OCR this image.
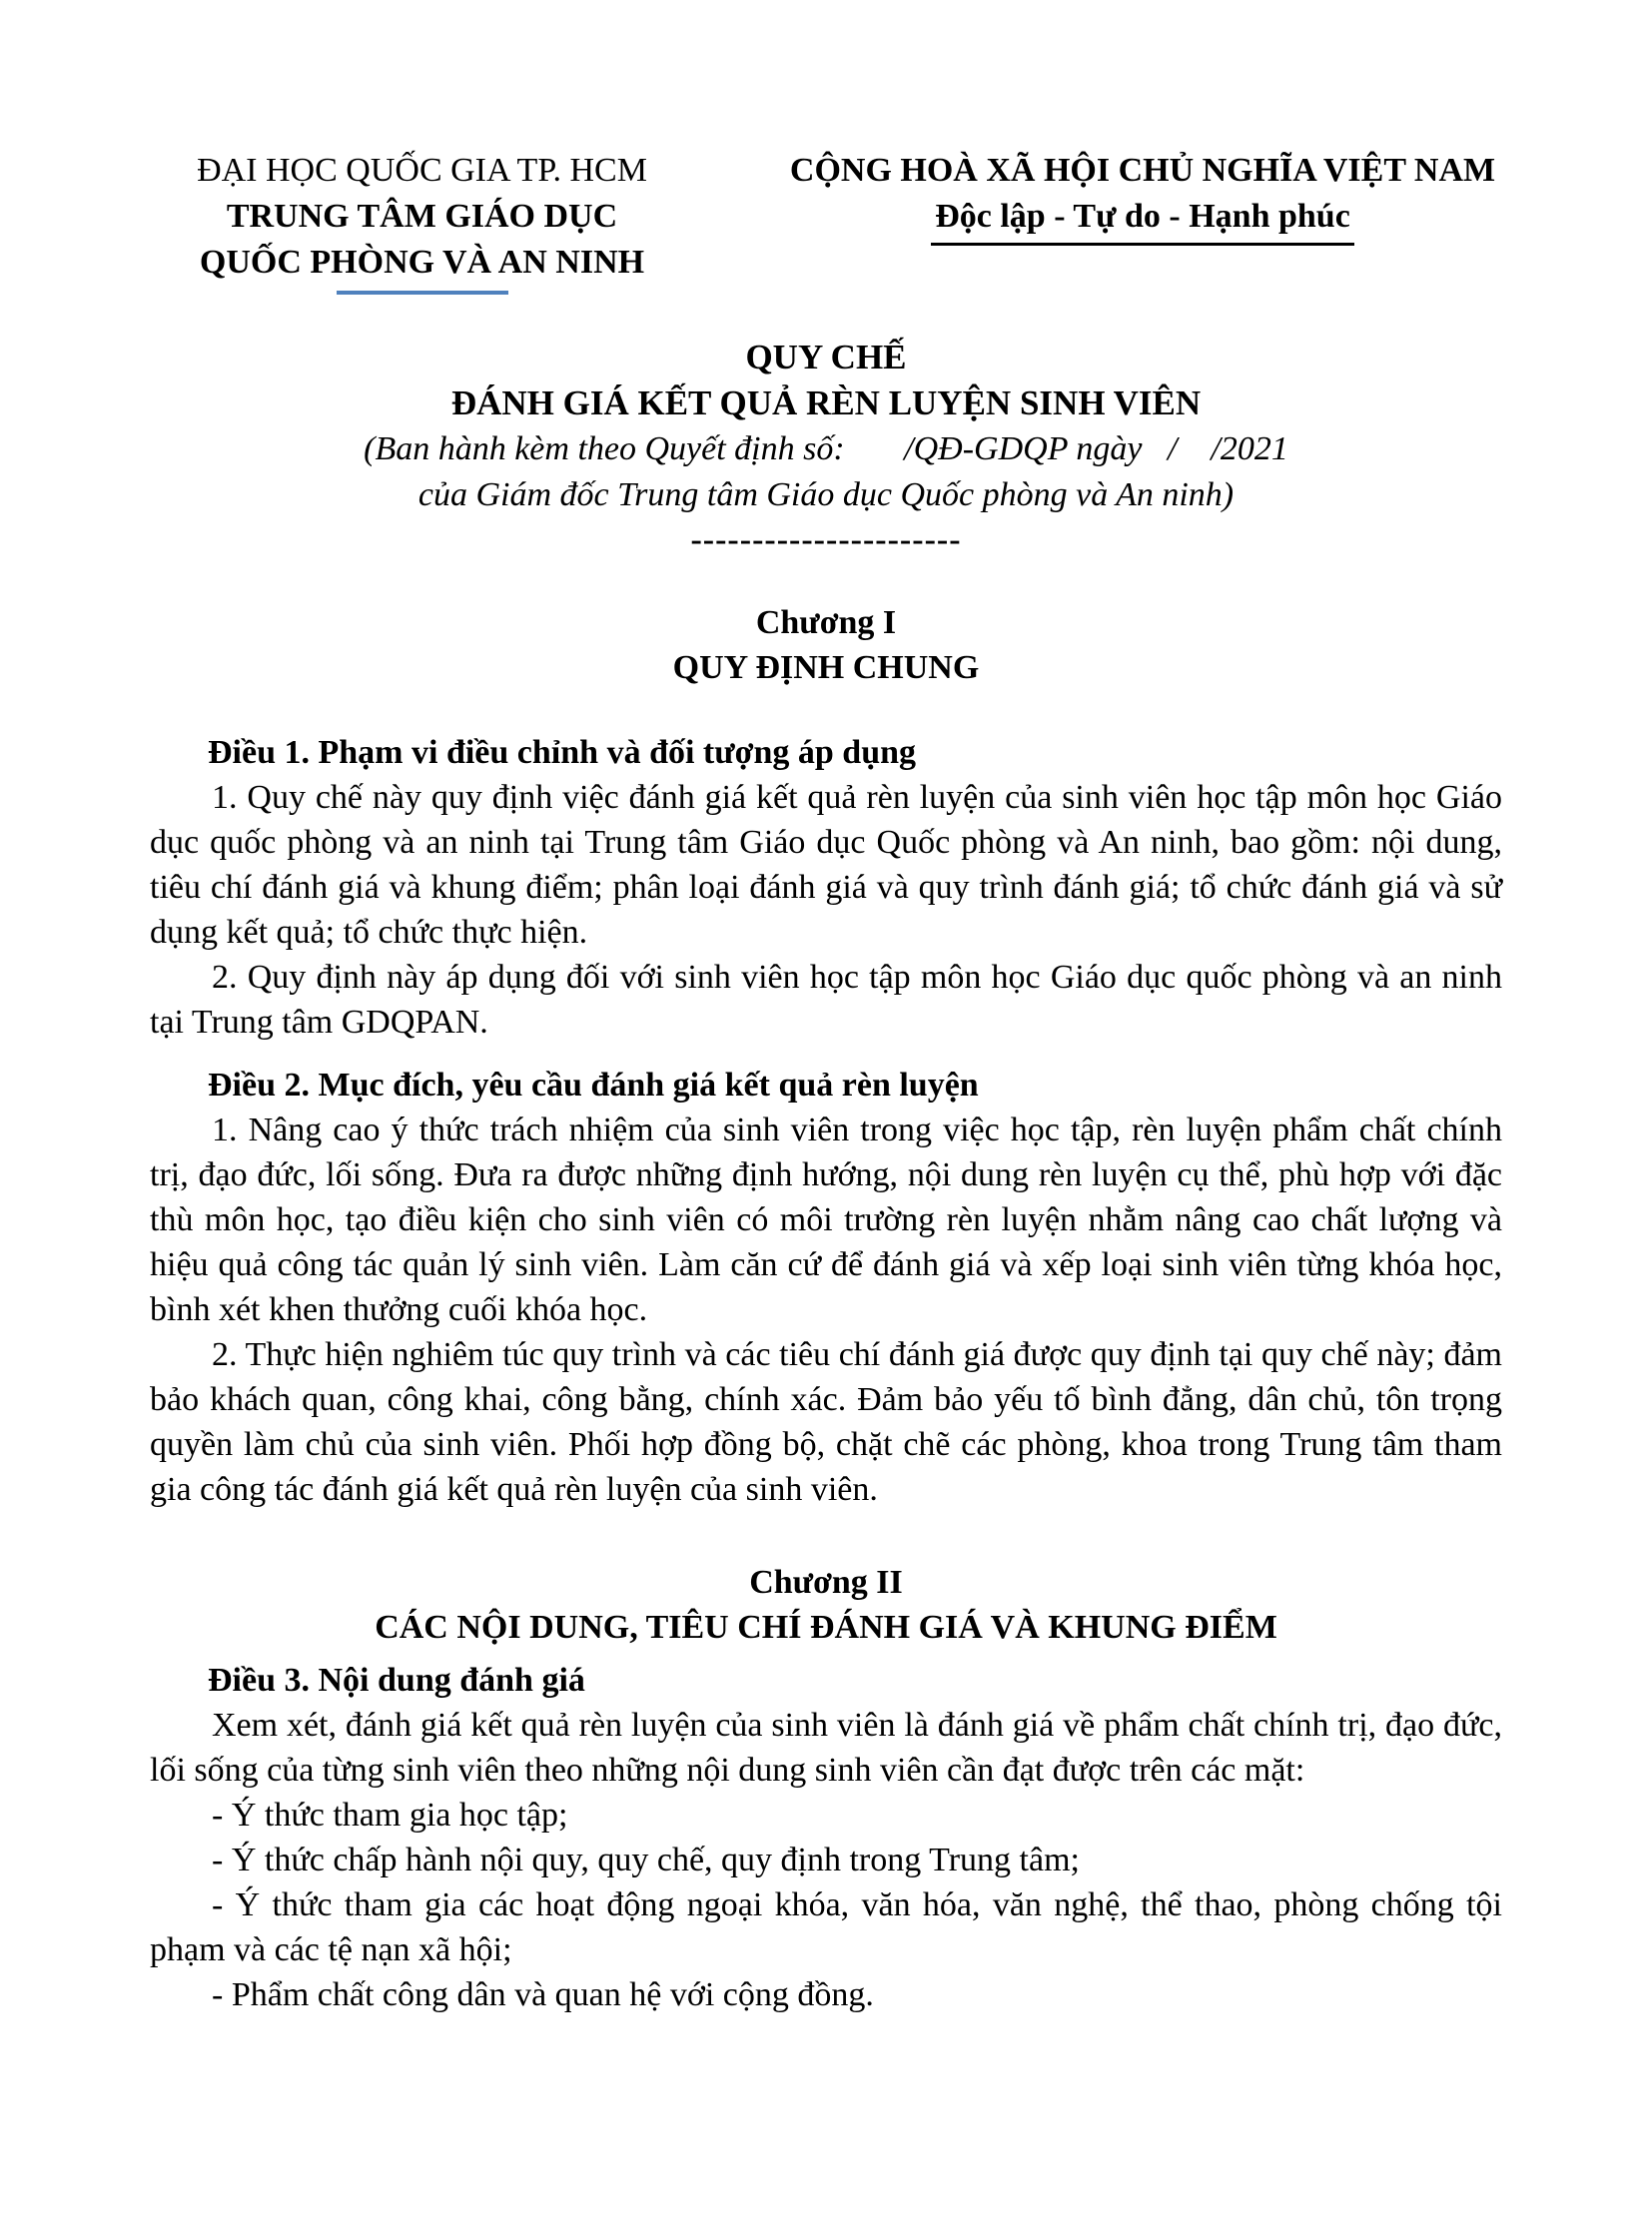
ĐẠI HỌC QUỐC GIA TP. HCM
TRUNG TÂM GIÁO DỤC
QUỐC PHÒNG VÀ AN NINH
CỘNG HOÀ XÃ HỘI CHỦ NGHĨA VIỆT NAM
Độc lập - Tự do - Hạnh phúc
QUY CHẾ
ĐÁNH GIÁ KẾT QUẢ RÈN LUYỆN SINH VIÊN
(Ban hành kèm theo Quyết định số:       /QĐ-GDQP ngày   /    /2021
của Giám đốc Trung tâm Giáo dục Quốc phòng và An ninh)
----------------------
Chương I
QUY ĐỊNH CHUNG
Điều 1. Phạm vi điều chỉnh và đối tượng áp dụng

1. Quy chế này quy định việc đánh giá kết quả rèn luyện của sinh viên học tập môn học Giáo dục quốc phòng và an ninh tại Trung tâm Giáo dục Quốc phòng và An ninh, bao gồm: nội dung, tiêu chí đánh giá và khung điểm; phân loại đánh giá và quy trình đánh giá; tổ chức đánh giá và sử dụng kết quả; tổ chức thực hiện.

2. Quy định này áp dụng đối với sinh viên học tập môn học Giáo dục quốc phòng và an ninh tại Trung tâm GDQPAN.

Điều 2. Mục đích, yêu cầu đánh giá kết quả rèn luyện

1. Nâng cao ý thức trách nhiệm của sinh viên trong việc học tập, rèn luyện phẩm chất chính trị, đạo đức, lối sống. Đưa ra được những định hướng, nội dung rèn luyện cụ thể, phù hợp với đặc thù môn học, tạo điều kiện cho sinh viên có môi trường rèn luyện nhằm nâng cao chất lượng và hiệu quả công tác quản lý sinh viên. Làm căn cứ để đánh giá và xếp loại sinh viên từng khóa học, bình xét khen thưởng cuối khóa học.

2. Thực hiện nghiêm túc quy trình và các tiêu chí đánh giá được quy định tại quy chế này; đảm bảo khách quan, công khai, công bằng, chính xác. Đảm bảo yếu tố bình đẳng, dân chủ, tôn trọng quyền làm chủ của sinh viên. Phối hợp đồng bộ, chặt chẽ các phòng, khoa trong Trung tâm tham gia công tác đánh giá kết quả rèn luyện của sinh viên.

Chương II
CÁC NỘI DUNG, TIÊU CHÍ ĐÁNH GIÁ VÀ KHUNG ĐIỂM
Điều 3. Nội dung đánh giá

Xem xét, đánh giá kết quả rèn luyện của sinh viên là đánh giá về phẩm chất chính trị, đạo đức, lối sống của từng sinh viên theo những nội dung sinh viên cần đạt được trên các mặt:

- Ý thức tham gia học tập;

- Ý thức chấp hành nội quy, quy chế, quy định trong Trung tâm;

- Ý thức tham gia các hoạt động ngoại khóa, văn hóa, văn nghệ, thể thao, phòng chống tội phạm và các tệ nạn xã hội;

- Phẩm chất công dân và quan hệ với cộng đồng.
